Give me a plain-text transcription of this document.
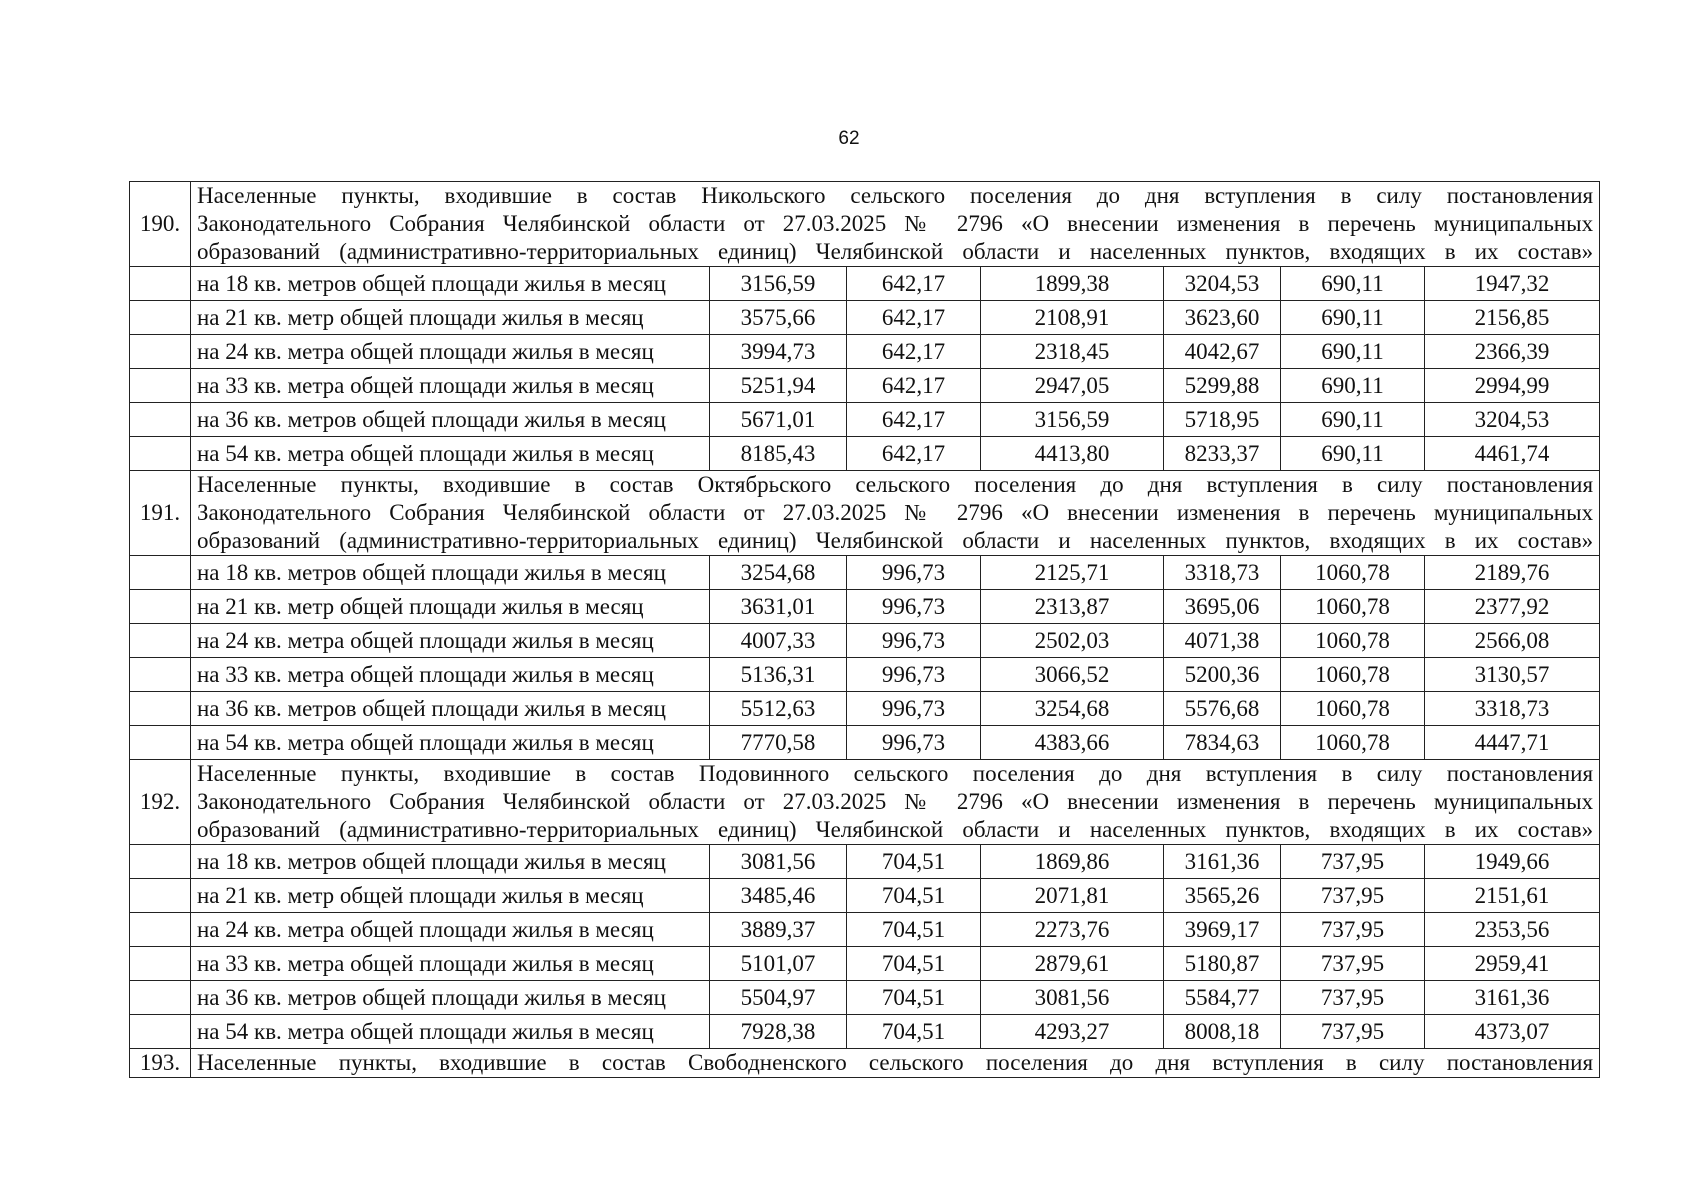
62
190.	Населенные пункты, входившие в состав Никольского сельского поселения до дня вступления в силу постановления
Законодательного Собрания Челябинской области от 27.03.2025 № 2796 «О внесении изменения в перечень муниципальных
образований (административно-территориальных единиц) Челябинской области и населенных пунктов, входящих в их состав»						

	на 18 кв. метров общей площади жилья в месяц	3156,59	642,17	1899,38	3204,53	690,11	1947,32
	на 21 кв. метр общей площади жилья в месяц	3575,66	642,17	2108,91	3623,60	690,11	2156,85
	на 24 кв. метра общей площади жилья в месяц	3994,73	642,17	2318,45	4042,67	690,11	2366,39
	на 33 кв. метра общей площади жилья в месяц	5251,94	642,17	2947,05	5299,88	690,11	2994,99
	на 36 кв. метров общей площади жилья в месяц	5671,01	642,17	3156,59	5718,95	690,11	3204,53
	на 54 кв. метра общей площади жилья в месяц	8185,43	642,17	4413,80	8233,37	690,11	4461,74
191.	Населенные пункты, входившие в состав Октябрьского сельского поселения до дня вступления в силу постановления
Законодательного Собрания Челябинской области от 27.03.2025 № 2796 «О внесении изменения в перечень муниципальных
образований (административно-территориальных единиц) Челябинской области и населенных пунктов, входящих в их состав»						

	на 18 кв. метров общей площади жилья в месяц	3254,68	996,73	2125,71	3318,73	1060,78	2189,76
	на 21 кв. метр общей площади жилья в месяц	3631,01	996,73	2313,87	3695,06	1060,78	2377,92
	на 24 кв. метра общей площади жилья в месяц	4007,33	996,73	2502,03	4071,38	1060,78	2566,08
	на 33 кв. метра общей площади жилья в месяц	5136,31	996,73	3066,52	5200,36	1060,78	3130,57
	на 36 кв. метров общей площади жилья в месяц	5512,63	996,73	3254,68	5576,68	1060,78	3318,73
	на 54 кв. метра общей площади жилья в месяц	7770,58	996,73	4383,66	7834,63	1060,78	4447,71
192.	Населенные пункты, входившие в состав Подовинного сельского поселения до дня вступления в силу постановления
Законодательного Собрания Челябинской области от 27.03.2025 № 2796 «О внесении изменения в перечень муниципальных
образований (административно-территориальных единиц) Челябинской области и населенных пунктов, входящих в их состав»						

	на 18 кв. метров общей площади жилья в месяц	3081,56	704,51	1869,86	3161,36	737,95	1949,66
	на 21 кв. метр общей площади жилья в месяц	3485,46	704,51	2071,81	3565,26	737,95	2151,61
	на 24 кв. метра общей площади жилья в месяц	3889,37	704,51	2273,76	3969,17	737,95	2353,56
	на 33 кв. метра общей площади жилья в месяц	5101,07	704,51	2879,61	5180,87	737,95	2959,41
	на 36 кв. метров общей площади жилья в месяц	5504,97	704,51	3081,56	5584,77	737,95	3161,36
	на 54 кв. метра общей площади жилья в месяц	7928,38	704,51	4293,27	8008,18	737,95	4373,07
193.	Населенные пункты, входившие в состав Свободненского сельского поселения до дня вступления в силу постановления						
